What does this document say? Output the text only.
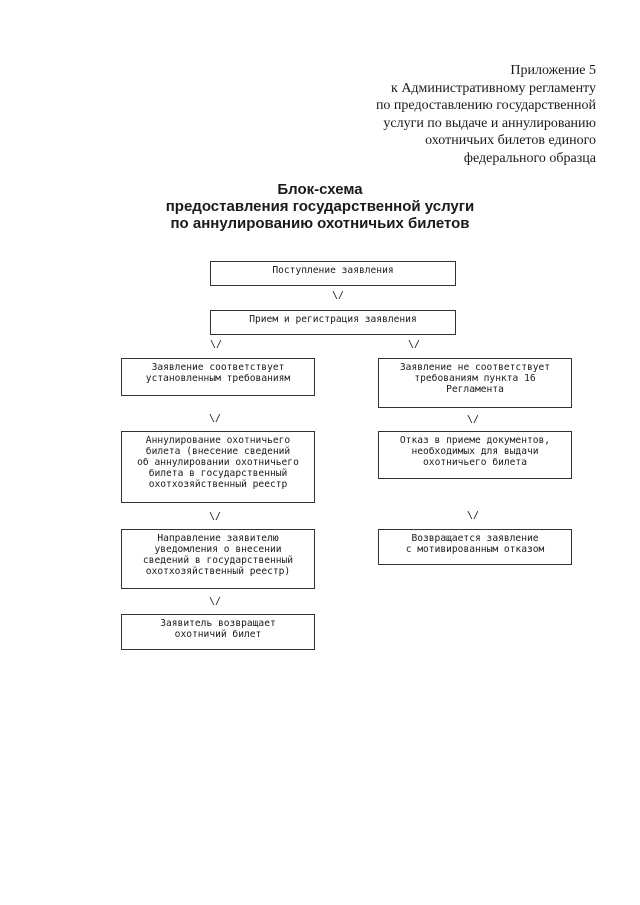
Приложение 5
к Административному регламенту
по предоставлению государственной
услуги по выдаче и аннулированию
охотничьих билетов единого
федерального образца
Блок-схема
предоставления государственной услуги
по аннулированию охотничьих билетов
Поступление заявления
\/
Прием и регистрация заявления
\/	\/
Заявление соответствует
установленным требованиям
\/
Аннулирование охотничьего
билета (внесение сведений
об аннулировании охотничьего
билета в государственный
охотхозяйственный реестр
\/
Направление заявителю
уведомления о внесении
сведений в государственный
охотхозяйственный реестр)
\/
Заявитель возвращает
охотничий билет
Заявление не соответствует
требованиям пункта 16
Регламента
\/
Отказ в приеме документов,
необходимых для выдачи
охотничьего билета
\/
Возвращается заявление
с мотивированным отказом
